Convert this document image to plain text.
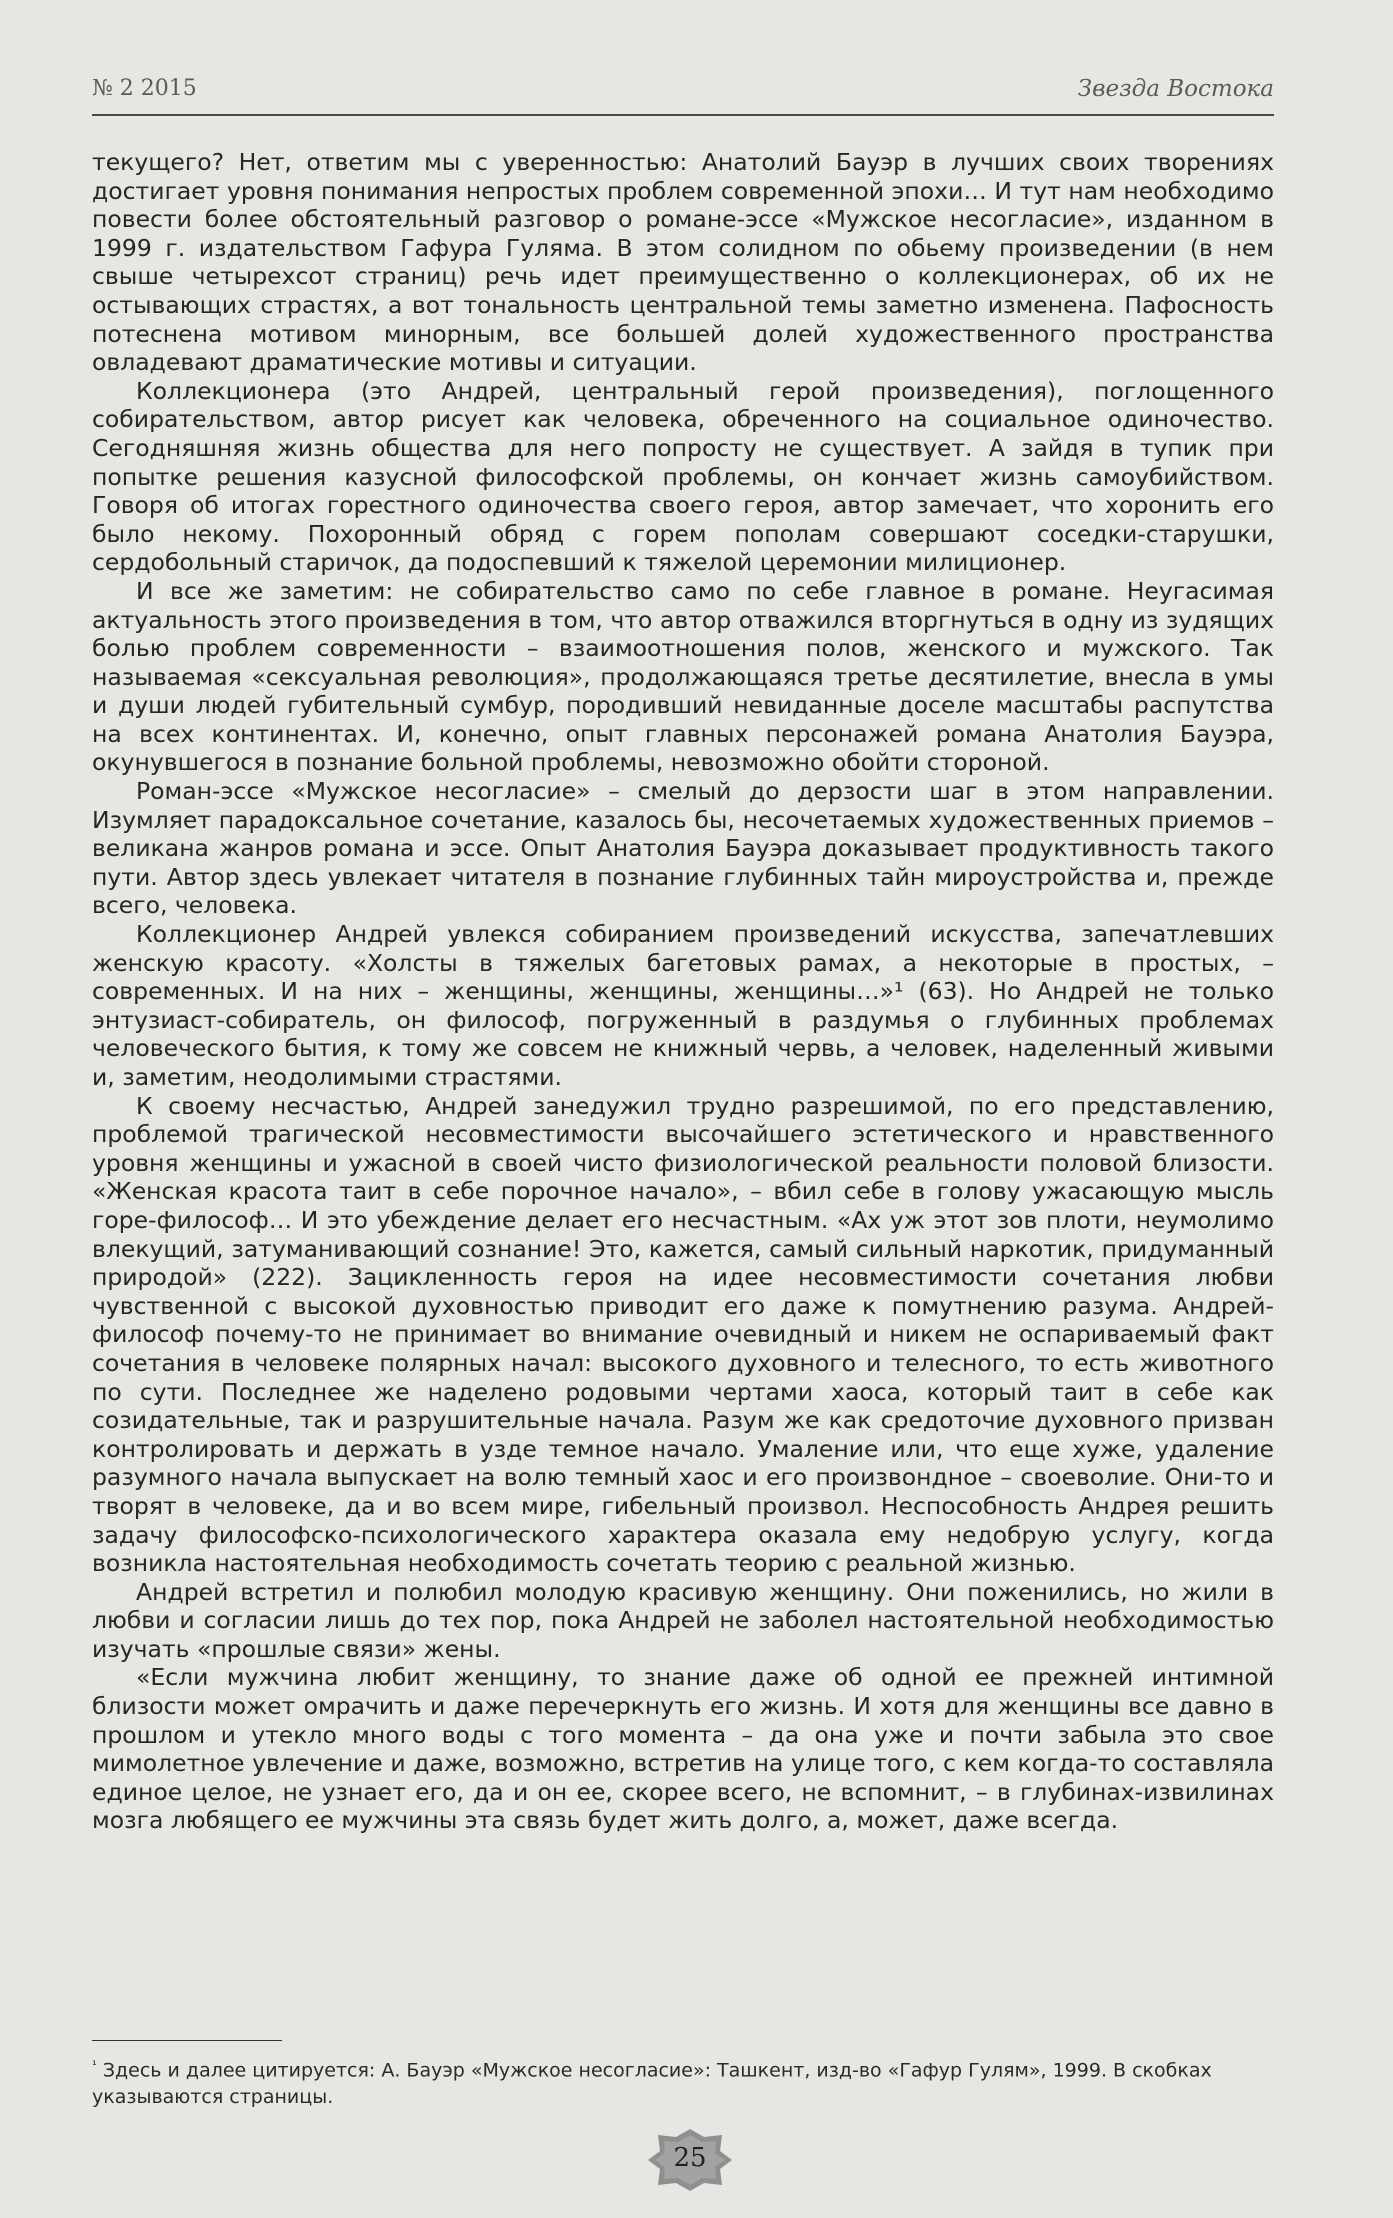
№ 2 2015	Звезда Востока

текущего? Нет, ответим мы с уверенностью: Анатолий Бауэр в лучших своих творениях достигает уровня понимания непростых проблем современной эпохи… И тут нам необходимо повести более обстоятельный разговор о романе-эссе «Мужское несогласие», изданном в 1999 г. издательством Гафура Гуляма. В этом солидном по обьему произведении (в нем свыше четырехсот страниц) речь идет преимущественно о коллекционерах, об их не остывающих страстях, а вот тональность центральной темы заметно изменена. Пафосность потеснена мотивом минорным, все большей долей художественного пространства овладевают драматические мотивы и ситуации.

Коллекционера (это Андрей, центральный герой произведения), поглощенного собирательством, автор рисует как человека, обреченного на социальное одиночество. Сегодняшняя жизнь общества для него попросту не существует. А зайдя в тупик при попытке решения казусной философской проблемы, он кончает жизнь самоубийством. Говоря об итогах горестного одиночества своего героя, автор замечает, что хоронить его было некому. Похоронный обряд с горем пополам совершают соседки-старушки, сердобольный старичок, да подоспевший к тяжелой церемонии милиционер.

И все же заметим: не собирательство само по себе главное в романе. Неугасимая актуальность этого произведения в том, что автор отважился вторгнуться в одну из зудящих болью проблем современности – взаимоотношения полов, женского и мужского. Так называемая «сексуальная революция», продолжающаяся третье десятилетие, внесла в умы и души людей губительный сумбур, породивший невиданные доселе масштабы распутства на всех континентах. И, конечно, опыт главных персонажей романа Анатолия Бауэра, окунувшегося в познание больной проблемы, невозможно обойти стороной.

Роман-эссе «Мужское несогласие» – смелый до дерзости шаг в этом направлении. Изумляет парадоксальное сочетание, казалось бы, несочетаемых художественных приемов – великана жанров романа и эссе. Опыт Анатолия Бауэра доказывает продуктивность такого пути. Автор здесь увлекает читателя в познание глубинных тайн мироустройства и, прежде всего, человека.

Коллекционер Андрей увлекся собиранием произведений искусства, запечатлевших женскую красоту. «Холсты в тяжелых багетовых рамах, а некоторые в простых, – современных. И на них – женщины, женщины, женщины…»¹ (63). Но Андрей не только энтузиаст-собиратель, он философ, погруженный в раздумья о глубинных проблемах человеческого бытия, к тому же совсем не книжный червь, а человек, наделенный живыми и, заметим, неодолимыми страстями.

К своему несчастью, Андрей занедужил трудно разрешимой, по его представлению, проблемой трагической несовместимости высочайшего эстетического и нравственного уровня женщины и ужасной в своей чисто физиологической реальности половой близости. «Женская красота таит в себе порочное начало», – вбил себе в голову ужасающую мысль горе-философ… И это убеждение делает его несчастным. «Ах уж этот зов плоти, неумолимо влекущий, затуманивающий сознание! Это, кажется, самый сильный наркотик, придуманный природой» (222). Зацикленность героя на идее несовместимости сочетания любви чувственной с высокой духовностью приводит его даже к помутнению разума. Андрей-философ почему-то не принимает во внимание очевидный и никем не оспариваемый факт сочетания в человеке полярных начал: высокого духовного и телесного, то есть животного по сути. Последнее же наделено родовыми чертами хаоса, который таит в себе как созидательные, так и разрушительные начала. Разум же как средоточие духовного призван контролировать и держать в узде темное начало. Умаление или, что еще хуже, удаление разумного начала выпускает на волю темный хаос и его произвондное – своеволие. Они-то и творят в человеке, да и во всем мире, гибельный произвол. Неспособность Андрея решить задачу философско-психологического характера оказала ему недобрую услугу, когда возникла настоятельная необходимость сочетать теорию с реальной жизнью.

Андрей встретил и полюбил молодую красивую женщину. Они поженились, но жили в любви и согласии лишь до тех пор, пока Андрей не заболел настоятельной необходимостью изучать «прошлые связи» жены.

«Если мужчина любит женщину, то знание даже об одной ее прежней интимной близости может омрачить и даже перечеркнуть его жизнь. И хотя для женщины все давно в прошлом и утекло много воды с того момента – да она уже и почти забыла это свое мимолетное увлечение и даже, возможно, встретив на улице того, с кем когда-то составляла единое целое, не узнает его, да и он ее, скорее всего, не вспомнит, – в глубинах-извилинах мозга любящего ее мужчины эта связь будет жить долго, а, может, даже всегда.

$^{^1}$ Здесь и далее цитируется: А. Бауэр «Мужское несогласие»: Ташкент, изд-во «Гафур Гулям», 1999. В скобках указываются страницы.
25
